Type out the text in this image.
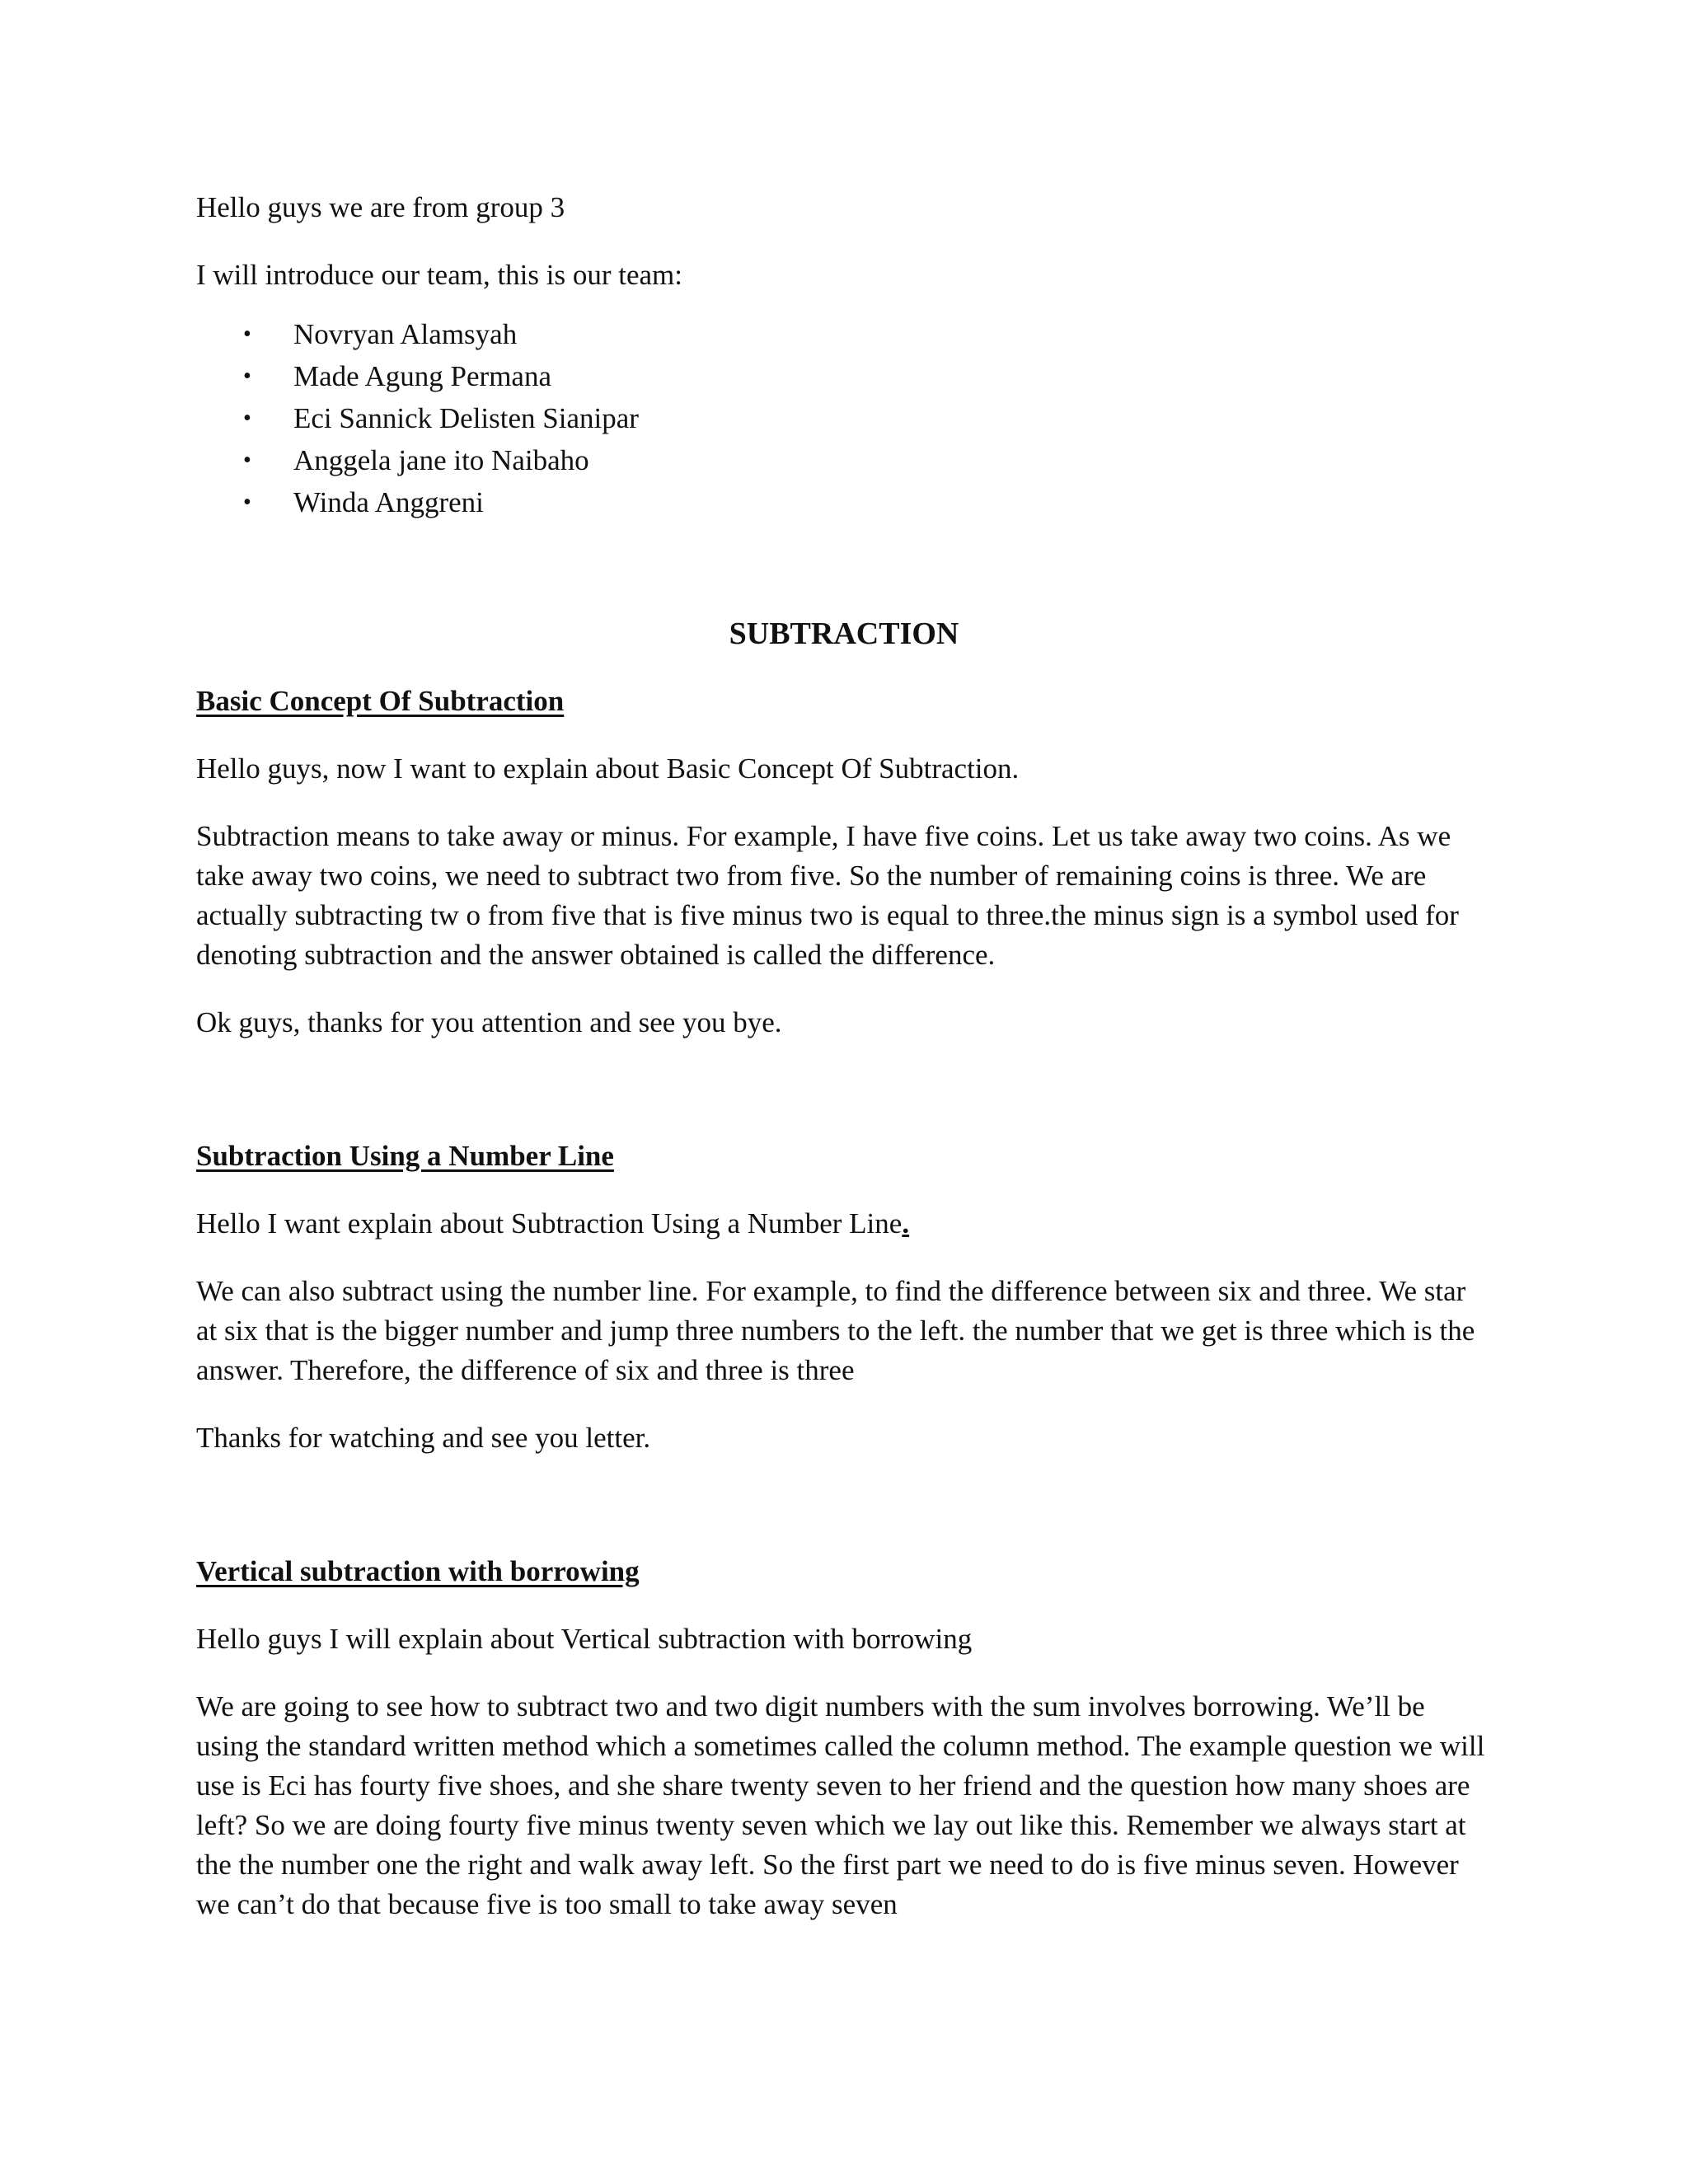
Hello guys we are from group 3

I will introduce our team, this is our team:

• Novryan Alamsyah
• Made Agung Permana
• Eci Sannick Delisten Sianipar
• Anggela jane ito Naibaho
• Winda Anggreni
SUBTRACTION
Basic Concept Of Subtraction

Hello guys, now I want to explain about Basic Concept Of Subtraction.

Subtraction means to take away or minus. For example, I have five coins. Let us take away two coins. As we take away two coins, we need to subtract two from five. So the number of remaining coins is three. We are actually subtracting tw o from five that is five minus two is equal to three.the minus sign is a symbol used for denoting subtraction and the answer obtained is called the difference.

Ok guys, thanks for you attention and see you bye.

Subtraction Using a Number Line

Hello I want explain about Subtraction Using a Number Line.

We can also subtract using the number line. For example, to find the difference between six and three. We star at six that is the bigger number and jump three numbers to the left. the number that we get is three which is the answer. Therefore, the difference of six and three is three

Thanks for watching and see you letter.

Vertical subtraction with borrowing

Hello guys I will explain about Vertical subtraction with borrowing

We are going to see how to subtract two and two digit numbers with the sum involves borrowing. We’ll be using the standard written method which a sometimes called the column method. The example question we will use is Eci has fourty five shoes, and she share twenty seven to her friend and the question how many shoes are left? So we are doing fourty five minus twenty seven which we lay out like this. Remember we always start at the the number one the right and walk away left. So the first part we need to do is five minus seven. However we can’t do that because five is too small to take away seven
